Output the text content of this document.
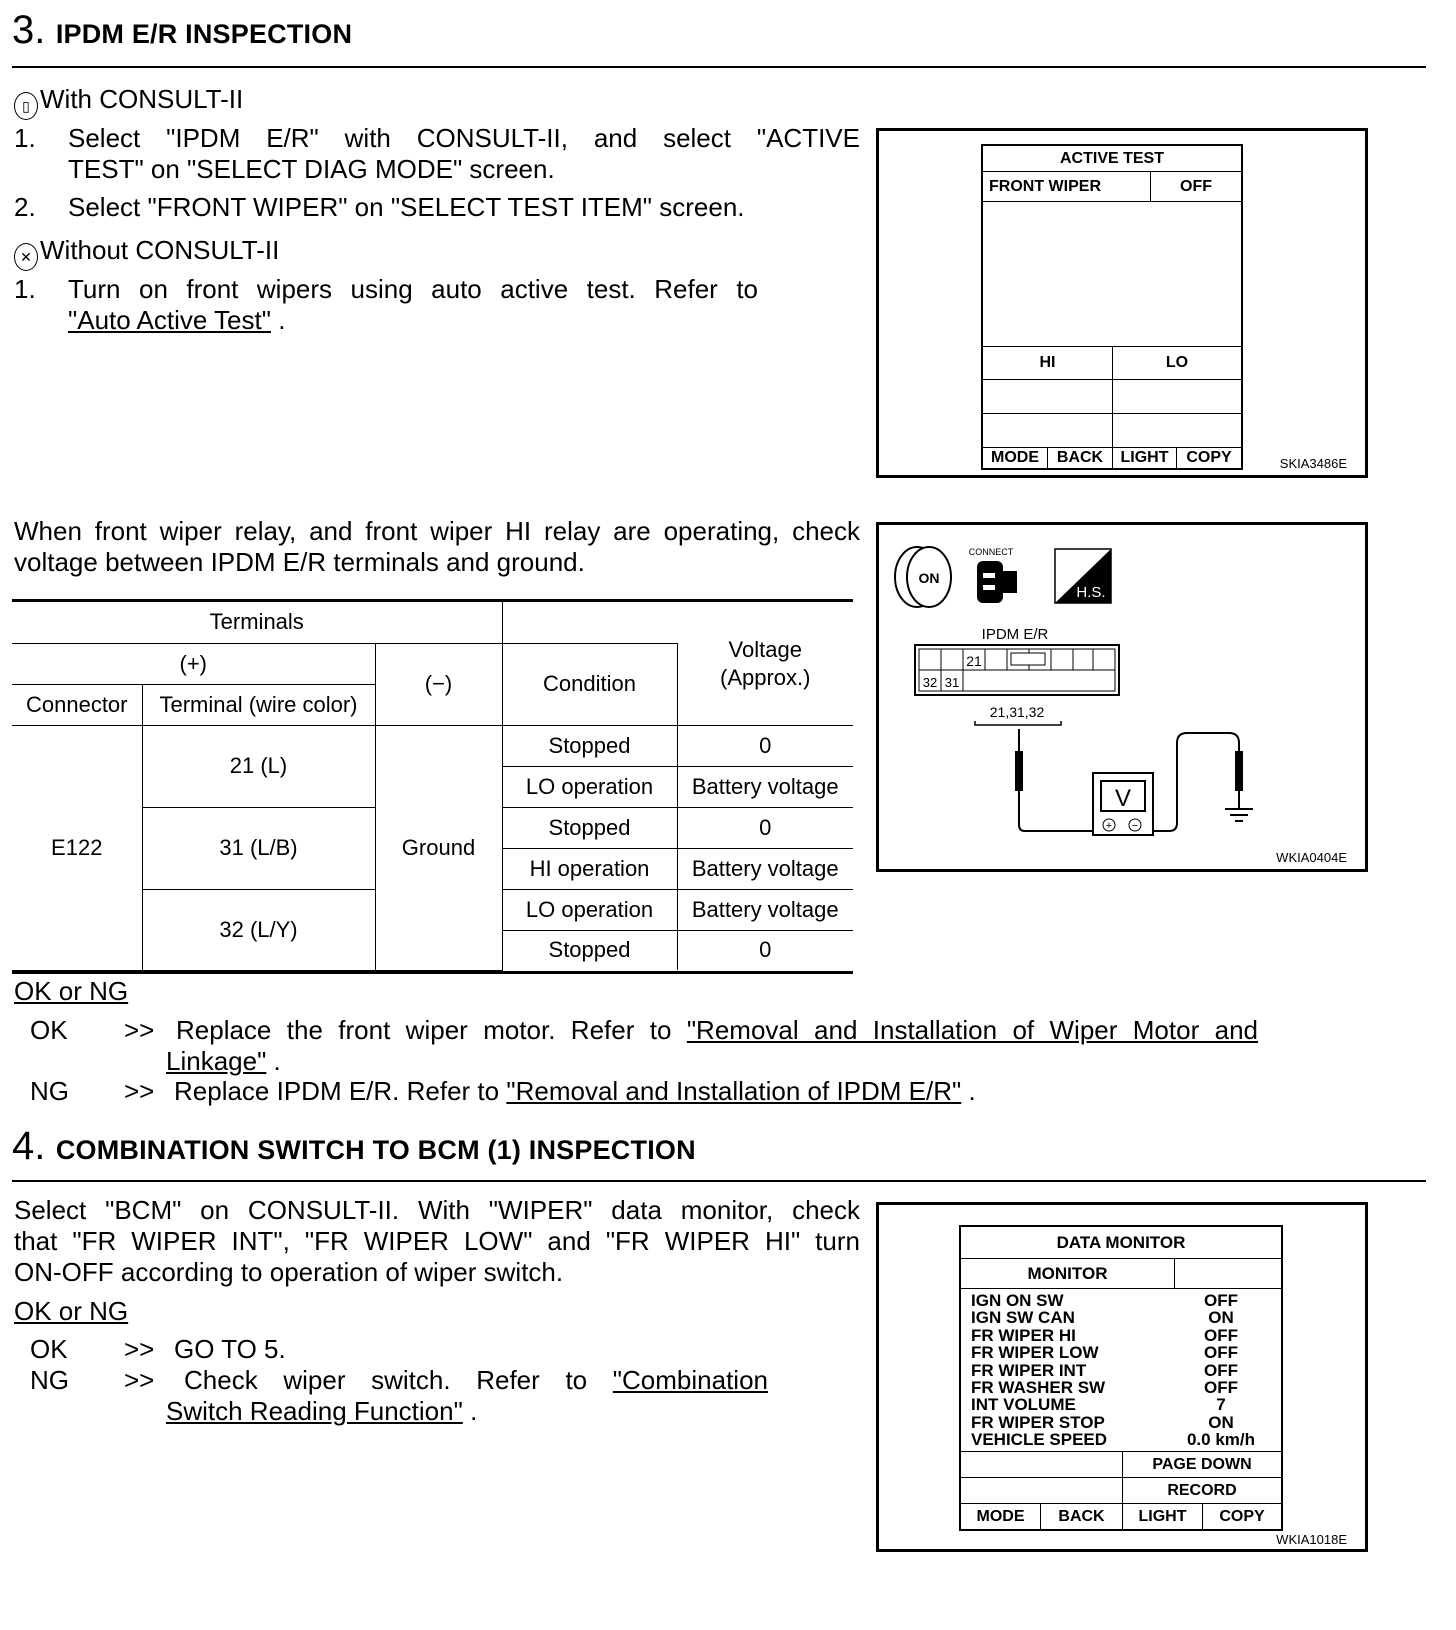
3. IPDM E/R INSPECTION
▯ With CONSULT-II
1. Select "IPDM E/R" with CONSULT-II, and select "ACTIVE
TEST" on "SELECT DIAG MODE" screen.
2. Select "FRONT WIPER" on "SELECT TEST ITEM" screen.
✕ Without CONSULT-II
1. Turn on front wipers using auto active test. Refer to
"Auto Active Test" .
ACTIVE TEST
FRONT WIPER	OFF
HI	LO
MODE	BACK	LIGHT	COPY	SKIA3486E
When front wiper relay, and front wiper HI relay are operating, check
voltage between IPDM E/R terminals and ground.
Terminals				
(+)		(−)	Condition	Voltage
(Approx.)

Connector	Terminal (wire color)			
E122	21 (L)	Ground	Stopped	0
			LO operation	Battery voltage
	31 (L/B)		Stopped	0
			HI operation	Battery voltage
	32 (L/Y)		LO operation	Battery voltage
			Stopped	0
ON
CONNECT
H.S.
IPDM E/R
21
32 31
21,31,32
V
+ −
WKIA0404E
OK or NG
OK >> Replace the front wiper motor. Refer to "Removal and Installation of Wiper Motor and
Linkage" .
NG >> Replace IPDM E/R. Refer to "Removal and Installation of IPDM E/R" .
4. COMBINATION SWITCH TO BCM (1) INSPECTION
Select "BCM" on CONSULT-II. With "WIPER" data monitor, check
that "FR WIPER INT", "FR WIPER LOW" and "FR WIPER HI" turn
ON-OFF according to operation of wiper switch.
OK or NG
OK >> GO TO 5.
NG >> Check wiper switch. Refer to "Combination
Switch Reading Function" .
DATA MONITOR
MONITOR
IGN ON SW	OFF
IGN SW CAN	ON
FR WIPER HI	OFF
FR WIPER LOW	OFF
FR WIPER INT	OFF
FR WASHER SW	OFF
INT VOLUME	7
FR WIPER STOP	ON
VEHICLE SPEED	0.0 km/h
PAGE DOWN
RECORD
MODE	BACK	LIGHT	COPY
WKIA1018E
